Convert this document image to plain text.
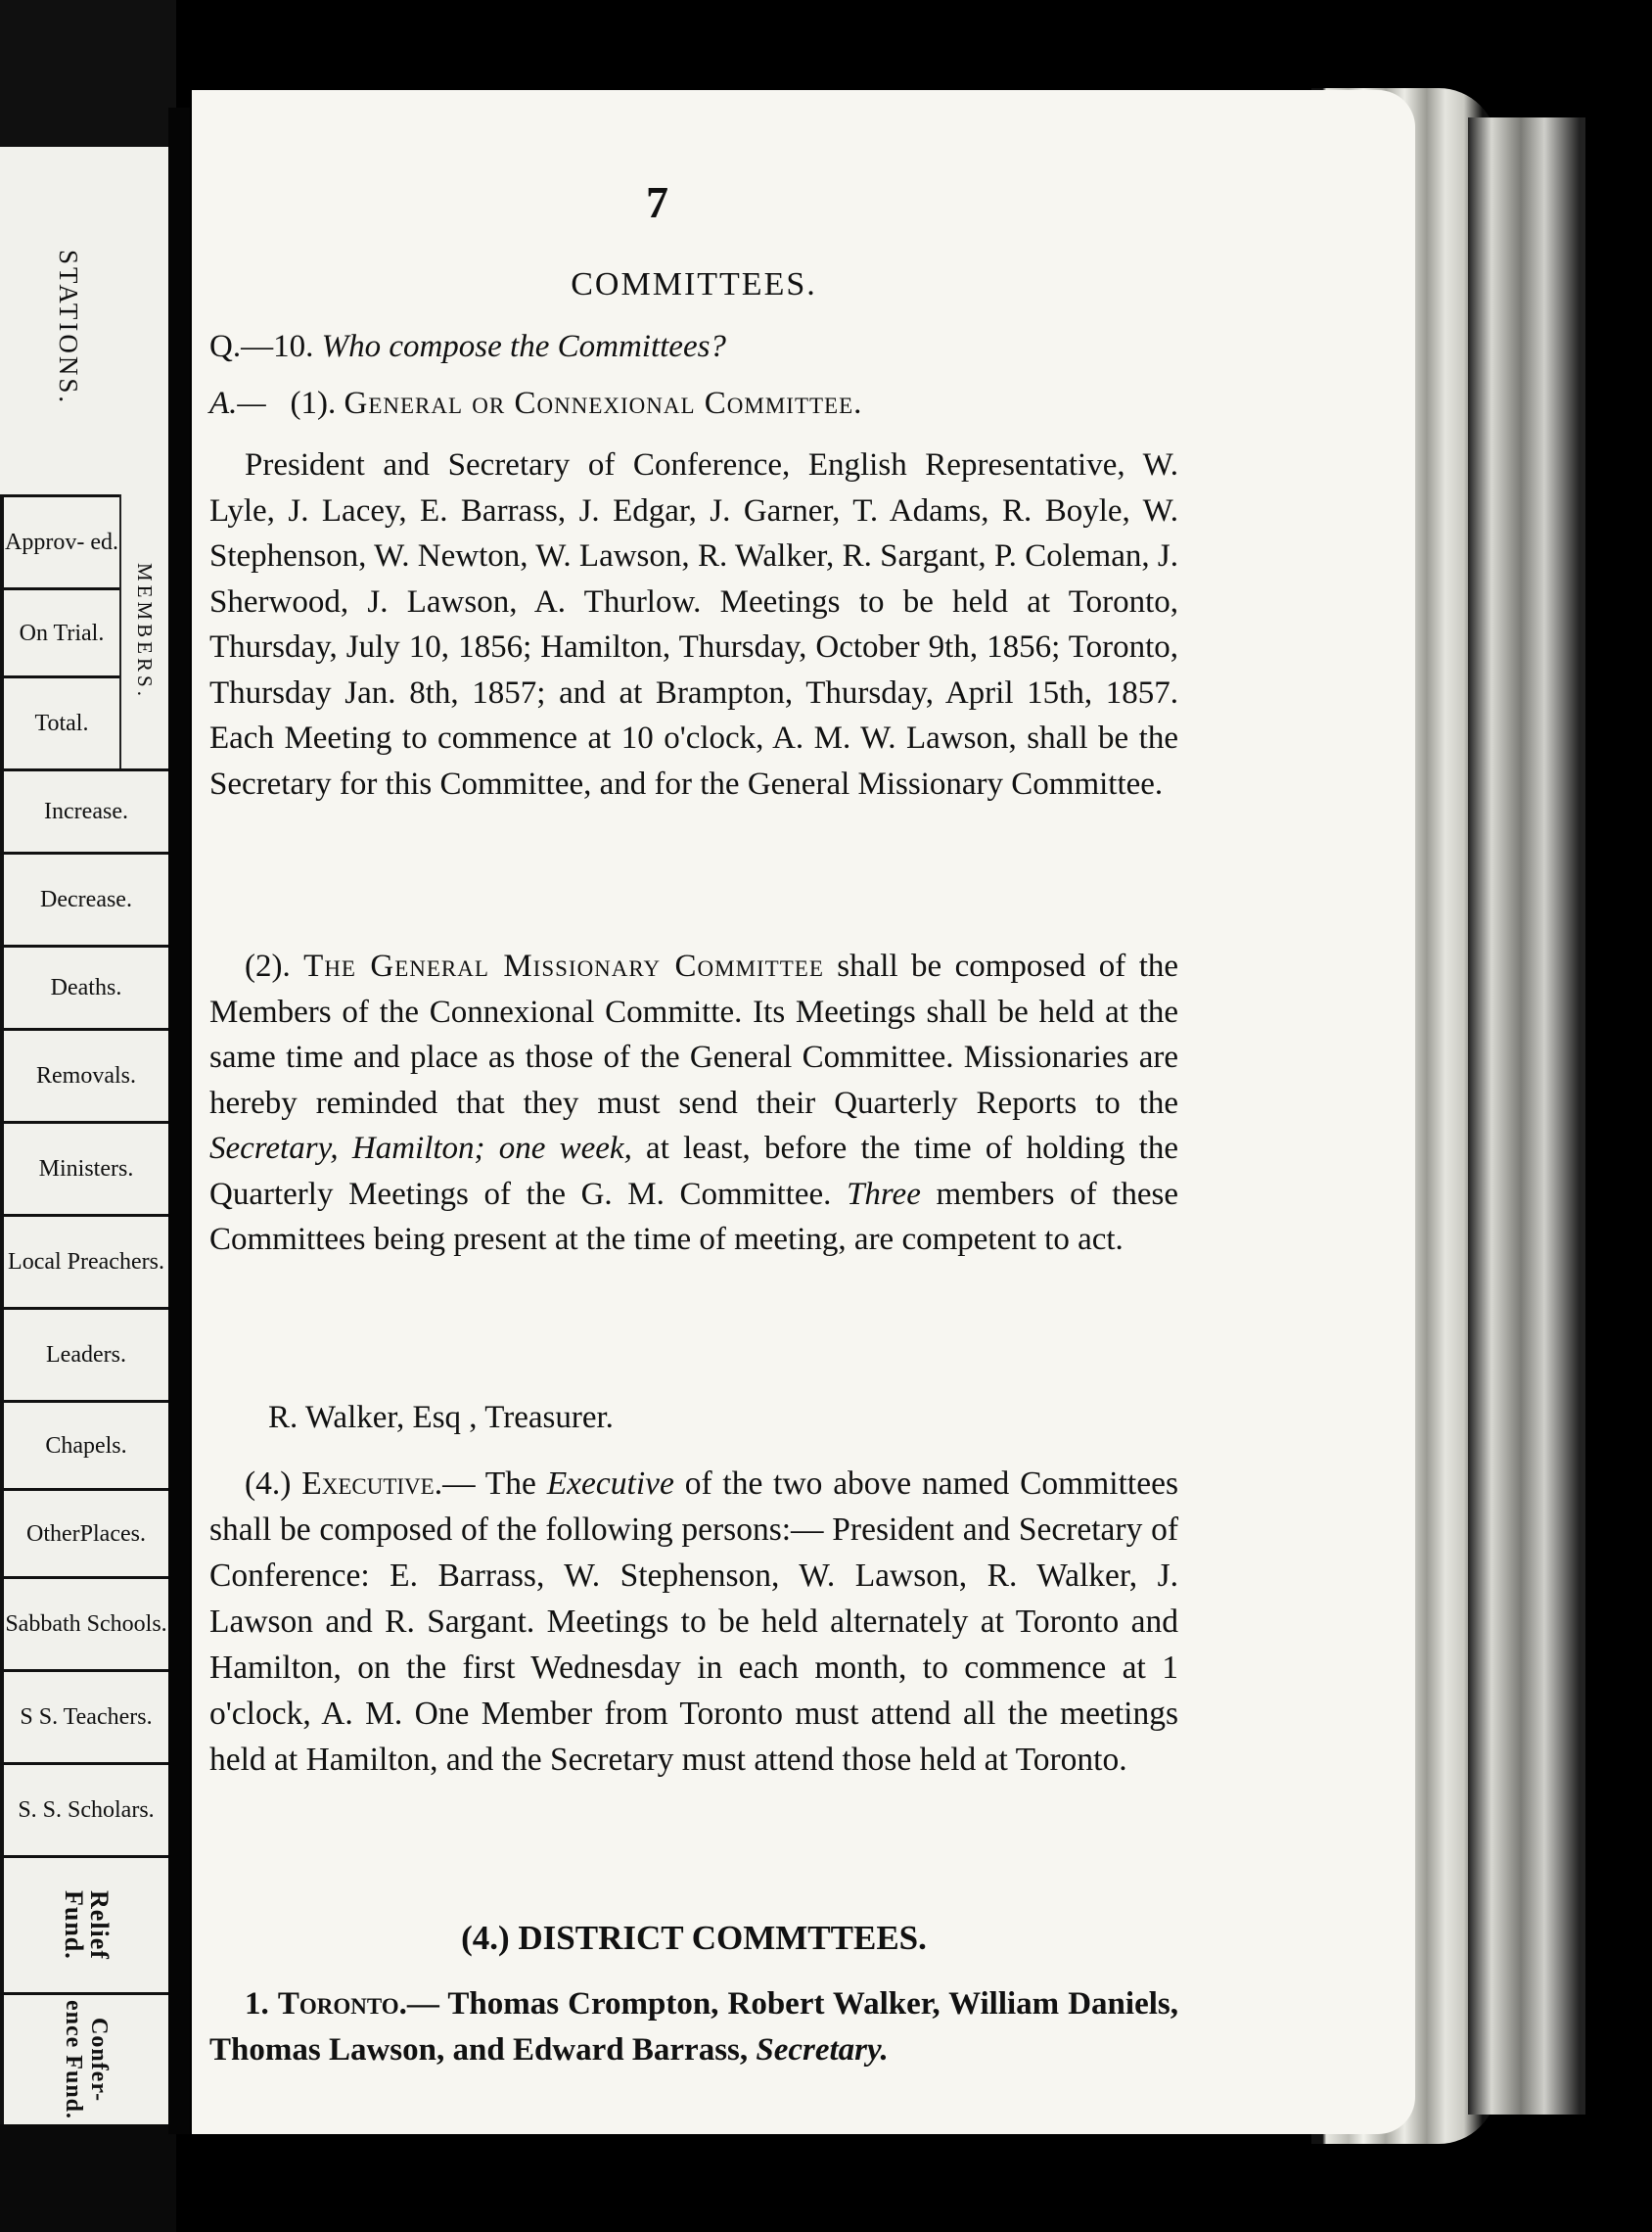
STATIONS.
MEMBERS.
Approv- ed.
On Trial.
Total.
Increase.
Decrease.
Deaths.
Removals.
Ministers.
Local Preachers.
Leaders.
Chapels.
OtherPlaces.
Sabbath Schools.
S S. Teachers.
S. S. Scholars.
Relief Fund.
Confer- ence Fund.
7
COMMITTEES.
Q.—10. Who compose the Committees?
A.— (1). General or Connexional Committee.
President and Secretary of Conference, English Representative, W. Lyle, J. Lacey, E. Barrass, J. Edgar, J. Garner, T. Adams, R. Boyle, W. Stephenson, W. Newton, W. Lawson, R. Walker, R. Sargant, P. Coleman, J. Sherwood, J. Lawson, A. Thurlow. Meetings to be held at Toronto, Thursday, July 10, 1856; Hamilton, Thursday, October 9th, 1856; Toronto, Thursday Jan. 8th, 1857; and at Brampton, Thursday, April 15th, 1857. Each Meeting to commence at 10 o'clock, A. M. W. Lawson, shall be the Secretary for this Committee, and for the General Missionary Committee.
(2). The General Missionary Committee shall be composed of the Members of the Connexional Committe. Its Meetings shall be held at the same time and place as those of the General Committee. Missionaries are hereby reminded that they must send their Quarterly Reports to the Secretary, Hamilton; one week, at least, before the time of holding the Quarterly Meetings of the G. M. Committee. Three members of these Committees being present at the time of meeting, are competent to act.
R. Walker, Esq , Treasurer.
(4.) Executive.— The Executive of the two above named Committees shall be composed of the following persons:— President and Secretary of Conference: E. Barrass, W. Stephenson, W. Lawson, R. Walker, J. Lawson and R. Sargant. Meetings to be held alternately at Toronto and Hamilton, on the first Wednesday in each month, to commence at 1 o'clock, A. M. One Member from Toronto must attend all the meetings held at Hamilton, and the Secretary must attend those held at Toronto.
(4.) DISTRICT COMMTTEES.
1. Toronto.— Thomas Crompton, Robert Walker, William Daniels, Thomas Lawson, and Edward Barrass, Secretary.
